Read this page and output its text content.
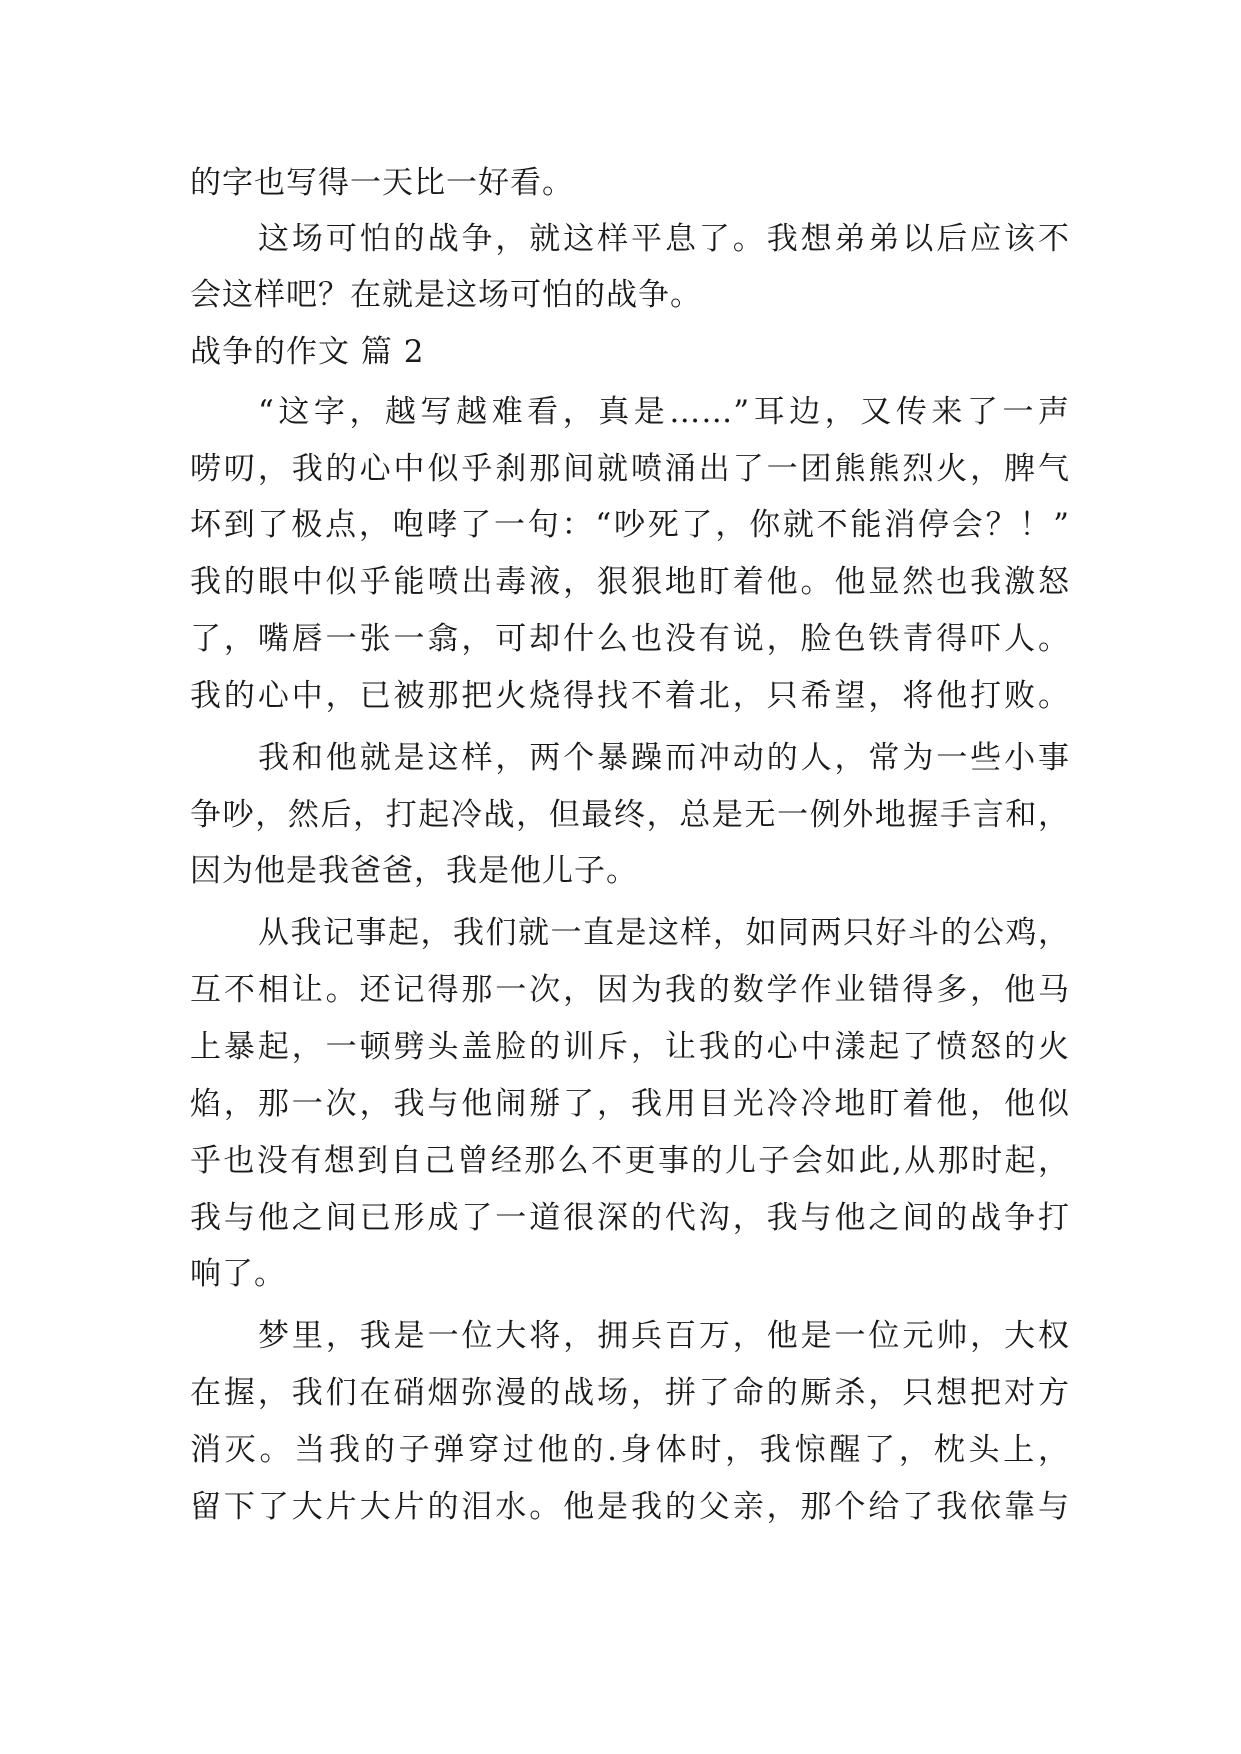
的字也写得一天比一好看。
这场可怕的战争，就这样平息了。我想弟弟以后应该不
会这样吧？在就是这场可怕的战争。
战争的作文 篇 2
“这字，越写越难看，真是……”耳边，又传来了一声
唠叨，我的心中似乎刹那间就喷涌出了一团熊熊烈火，脾气
坏到了极点，咆哮了一句：“吵死了，你就不能消停会？！”
我的眼中似乎能喷出毒液，狠狠地盯着他。他显然也我激怒
了，嘴唇一张一翕，可却什么也没有说，脸色铁青得吓人。
我的心中，已被那把火烧得找不着北，只希望，将他打败。
我和他就是这样，两个暴躁而冲动的人，常为一些小事
争吵，然后，打起冷战，但最终，总是无一例外地握手言和，
因为他是我爸爸，我是他儿子。
从我记事起，我们就一直是这样，如同两只好斗的公鸡，
互不相让。还记得那一次，因为我的数学作业错得多，他马
上暴起，一顿劈头盖脸的训斥，让我的心中漾起了愤怒的火
焰，那一次，我与他闹掰了，我用目光冷冷地盯着他，他似
乎也没有想到自己曾经那么不更事的儿子会如此,从那时起，
我与他之间已形成了一道很深的代沟，我与他之间的战争打
响了。
梦里，我是一位大将，拥兵百万，他是一位元帅，大权
在握，我们在硝烟弥漫的战场，拼了命的厮杀，只想把对方
消灭。当我的子弹穿过他的.身体时，我惊醒了，枕头上，
留下了大片大片的泪水。他是我的父亲，那个给了我依靠与
